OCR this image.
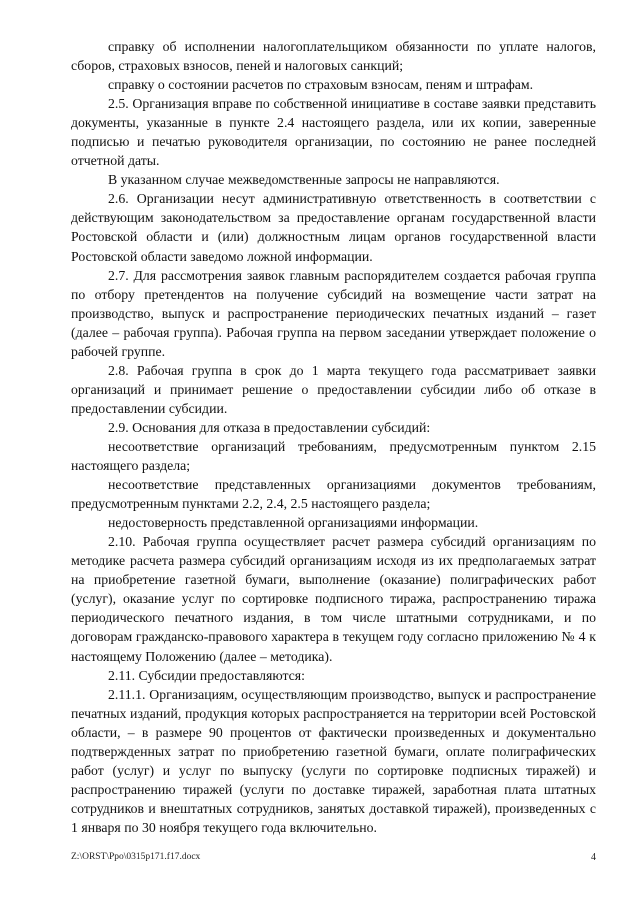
справку об исполнении налогоплательщиком обязанности по уплате налогов, сборов, страховых взносов, пеней и налоговых санкций;

справку о состоянии расчетов по страховым взносам, пеням и штрафам.

2.5. Организация вправе по собственной инициативе в составе заявки представить документы, указанные в пункте 2.4 настоящего раздела, или их копии, заверенные подписью и печатью руководителя организации, по состоянию не ранее последней отчетной даты.

В указанном случае межведомственные запросы не направляются.

2.6. Организации несут административную ответственность в соответствии с действующим законодательством за предоставление органам государственной власти Ростовской области и (или) должностным лицам органов государственной власти Ростовской области заведомо ложной информации.

2.7. Для рассмотрения заявок главным распорядителем создается рабочая группа по отбору претендентов на получение субсидий на возмещение части затрат на производство, выпуск и распространение периодических печатных изданий – газет (далее – рабочая группа). Рабочая группа на первом заседании утверждает положение о рабочей группе.

2.8. Рабочая группа в срок до 1 марта текущего года рассматривает заявки организаций и принимает решение о предоставлении субсидии либо об отказе в предоставлении субсидии.

2.9. Основания для отказа в предоставлении субсидий:

несоответствие организаций требованиям, предусмотренным пунктом 2.15 настоящего раздела;

несоответствие представленных организациями документов требованиям, предусмотренным пунктами 2.2, 2.4, 2.5 настоящего раздела;

недостоверность представленной организациями информации.

2.10. Рабочая группа осуществляет расчет размера субсидий организациям по методике расчета размера субсидий организациям исходя из их предполагаемых затрат на приобретение газетной бумаги, выполнение (оказание) полиграфических работ (услуг), оказание услуг по сортировке подписного тиража, распространению тиража периодического печатного издания, в том числе штатными сотрудниками, и по договорам гражданско-правового характера в текущем году согласно приложению № 4 к настоящему Положению (далее – методика).

2.11. Субсидии предоставляются:

2.11.1. Организациям, осуществляющим производство, выпуск и распространение печатных изданий, продукция которых распространяется на территории всей Ростовской области, – в размере 90 процентов от фактически произведенных и документально подтвержденных затрат по приобретению газетной бумаги, оплате полиграфических работ (услуг) и услуг по выпуску (услуги по сортировке подписных тиражей) и распространению тиражей (услуги по доставке тиражей, заработная плата штатных сотрудников и внештатных сотрудников, занятых доставкой тиражей), произведенных с 1 января по 30 ноября текущего года включительно.

Z:\ORST\Ppo\0315p171.f17.docx	4
